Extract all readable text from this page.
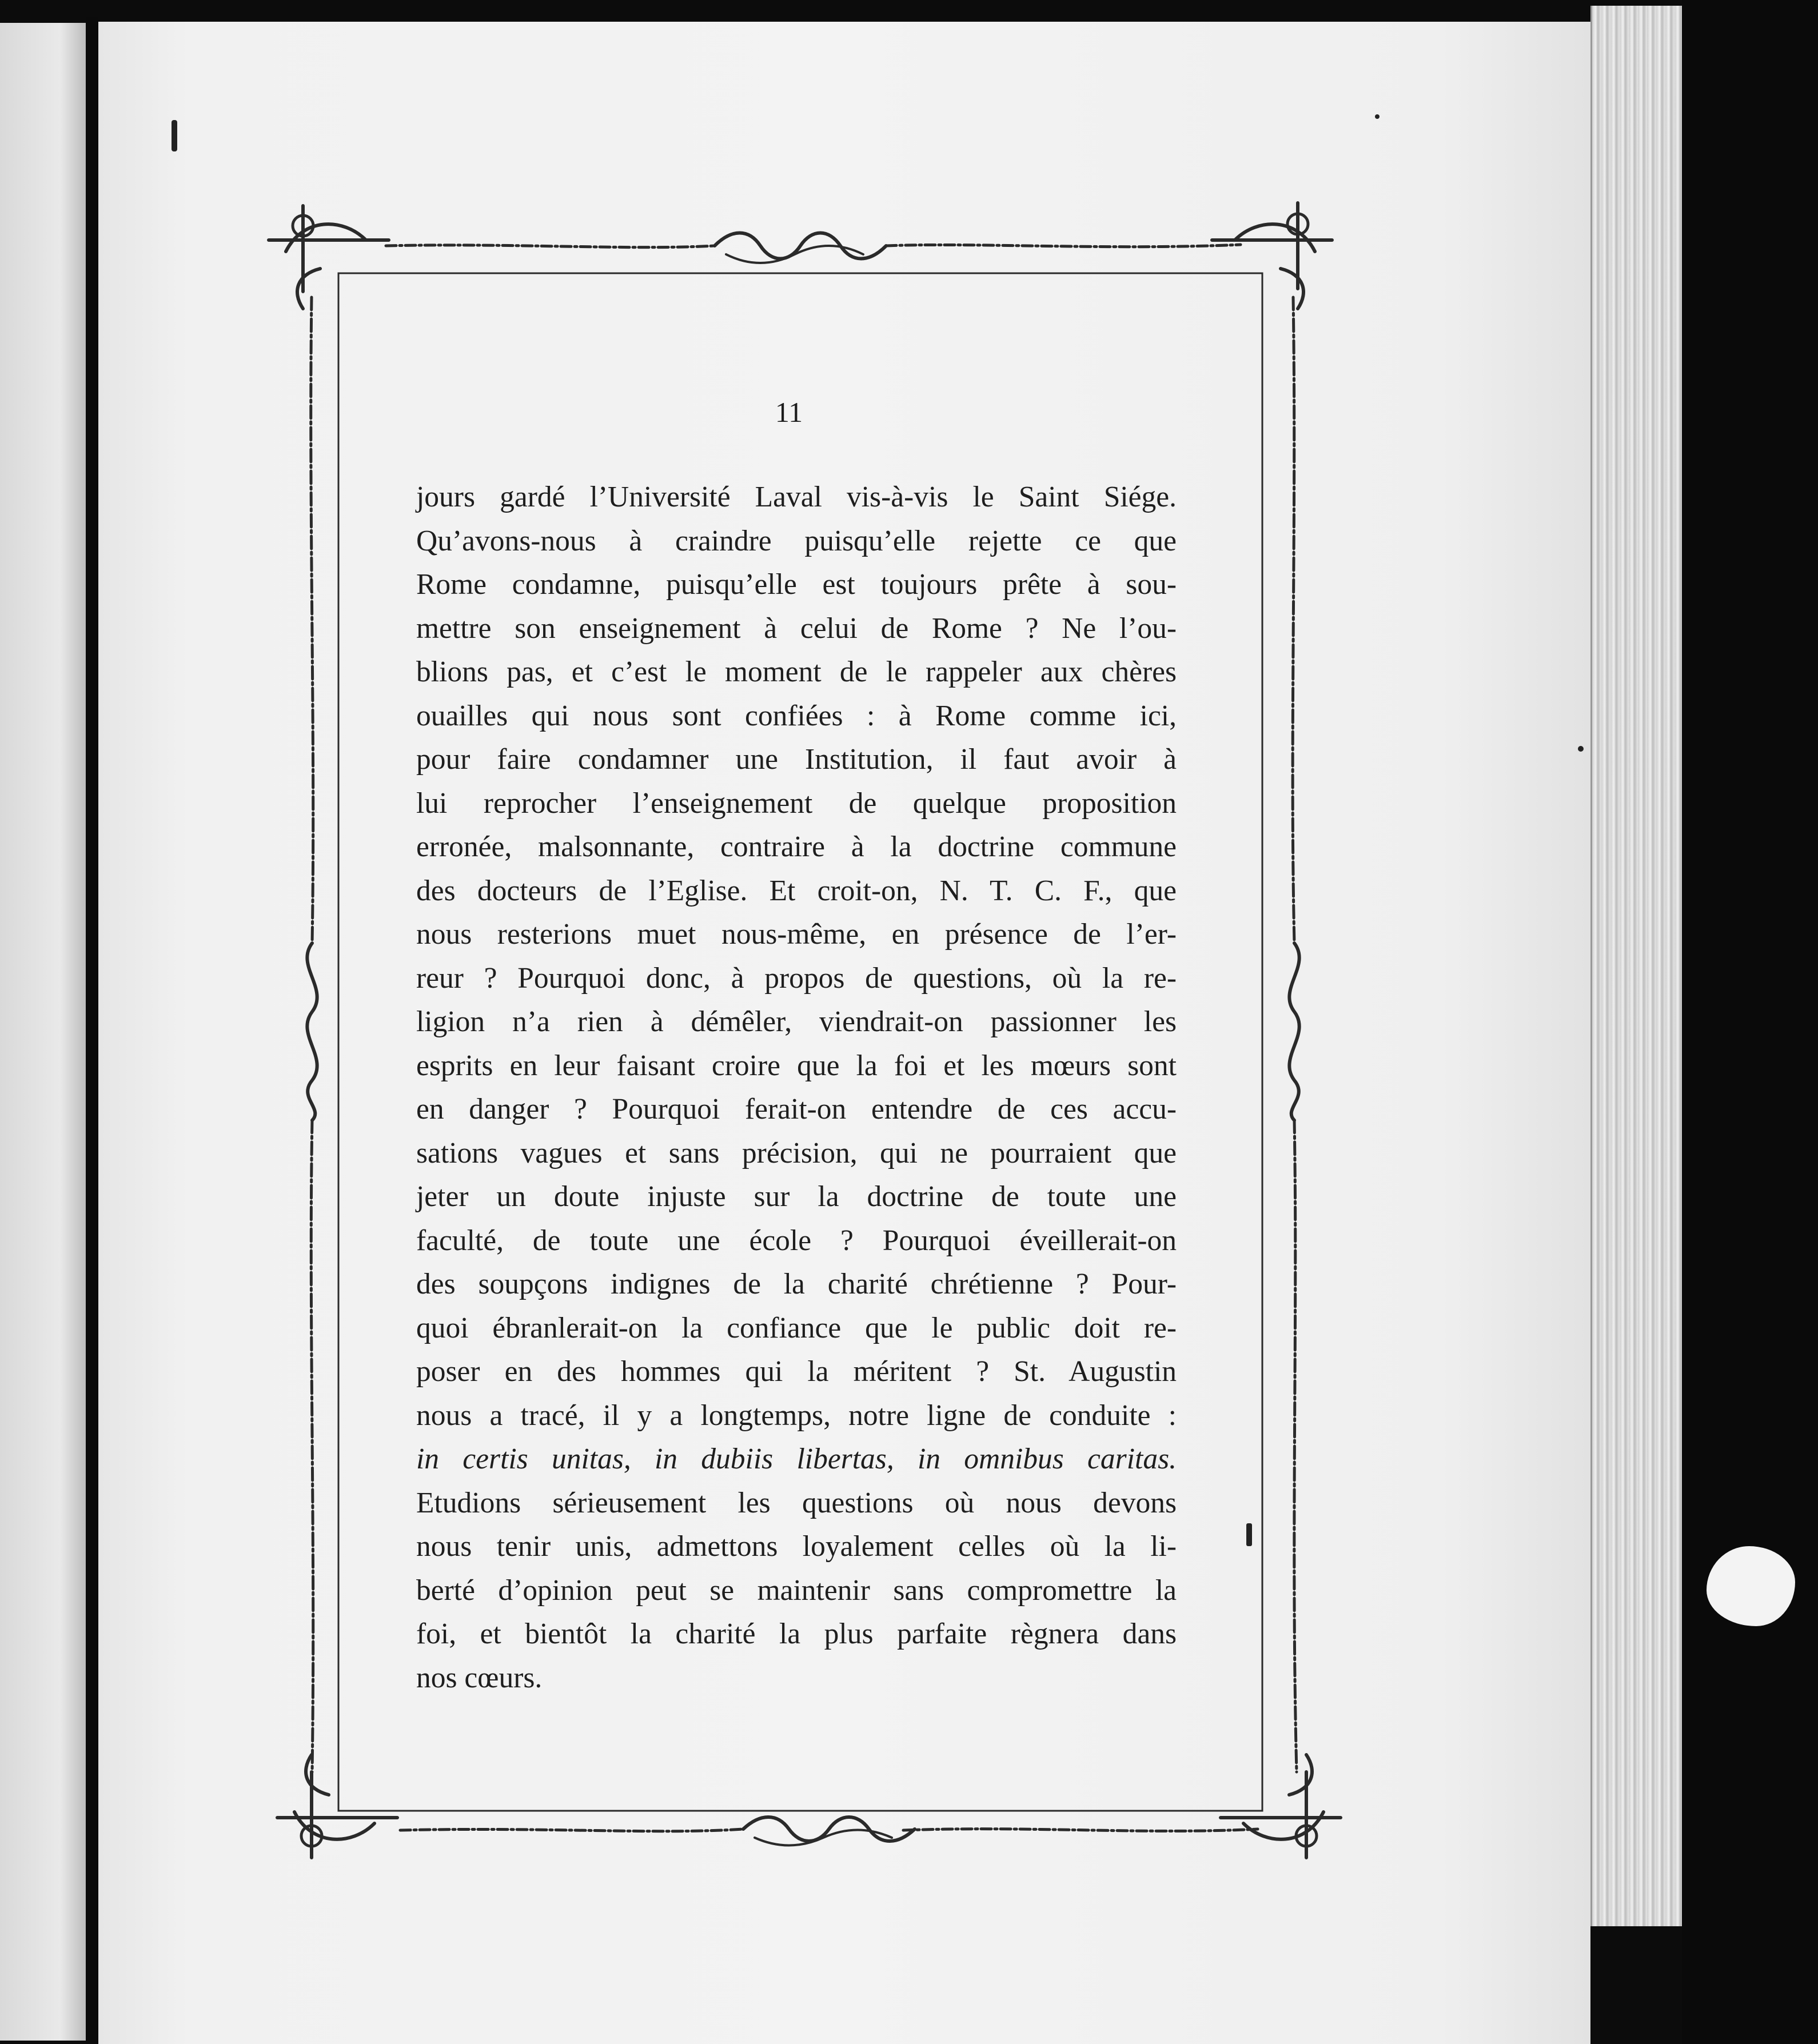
11
jours gardé l’Université Laval vis-à-vis le Saint Siége.
Qu’avons-nous à craindre puisqu’elle rejette ce que
Rome condamne, puisqu’elle est toujours prête à sou-
mettre son enseignement à celui de Rome ? Ne l’ou-
blions pas, et c’est le moment de le rappeler aux chères
ouailles qui nous sont confiées : à Rome comme ici,
pour faire condamner une Institution, il faut avoir à
lui reprocher l’enseignement de quelque proposition
erronée, malsonnante, contraire à la doctrine commune
des docteurs de l’Eglise. Et croit-on, N. T. C. F., que
nous resterions muet nous-même, en présence de l’er-
reur ? Pourquoi donc, à propos de questions, où la re-
ligion n’a rien à démêler, viendrait-on passionner les
esprits en leur faisant croire que la foi et les mœurs sont
en danger ? Pourquoi ferait-on entendre de ces accu-
sations vagues et sans précision, qui ne pourraient que
jeter un doute injuste sur la doctrine de toute une
faculté, de toute une école ? Pourquoi éveillerait-on
des soupçons indignes de la charité chrétienne ? Pour-
quoi ébranlerait-on la confiance que le public doit re-
poser en des hommes qui la méritent ? St. Augustin
nous a tracé, il y a longtemps, notre ligne de conduite :
in certis unitas, in dubiis libertas, in omnibus caritas.
Etudions sérieusement les questions où nous devons
nous tenir unis, admettons loyalement celles où la li-
berté d’opinion peut se maintenir sans compromettre la
foi, et bientôt la charité la plus parfaite règnera dans
nos cœurs.
